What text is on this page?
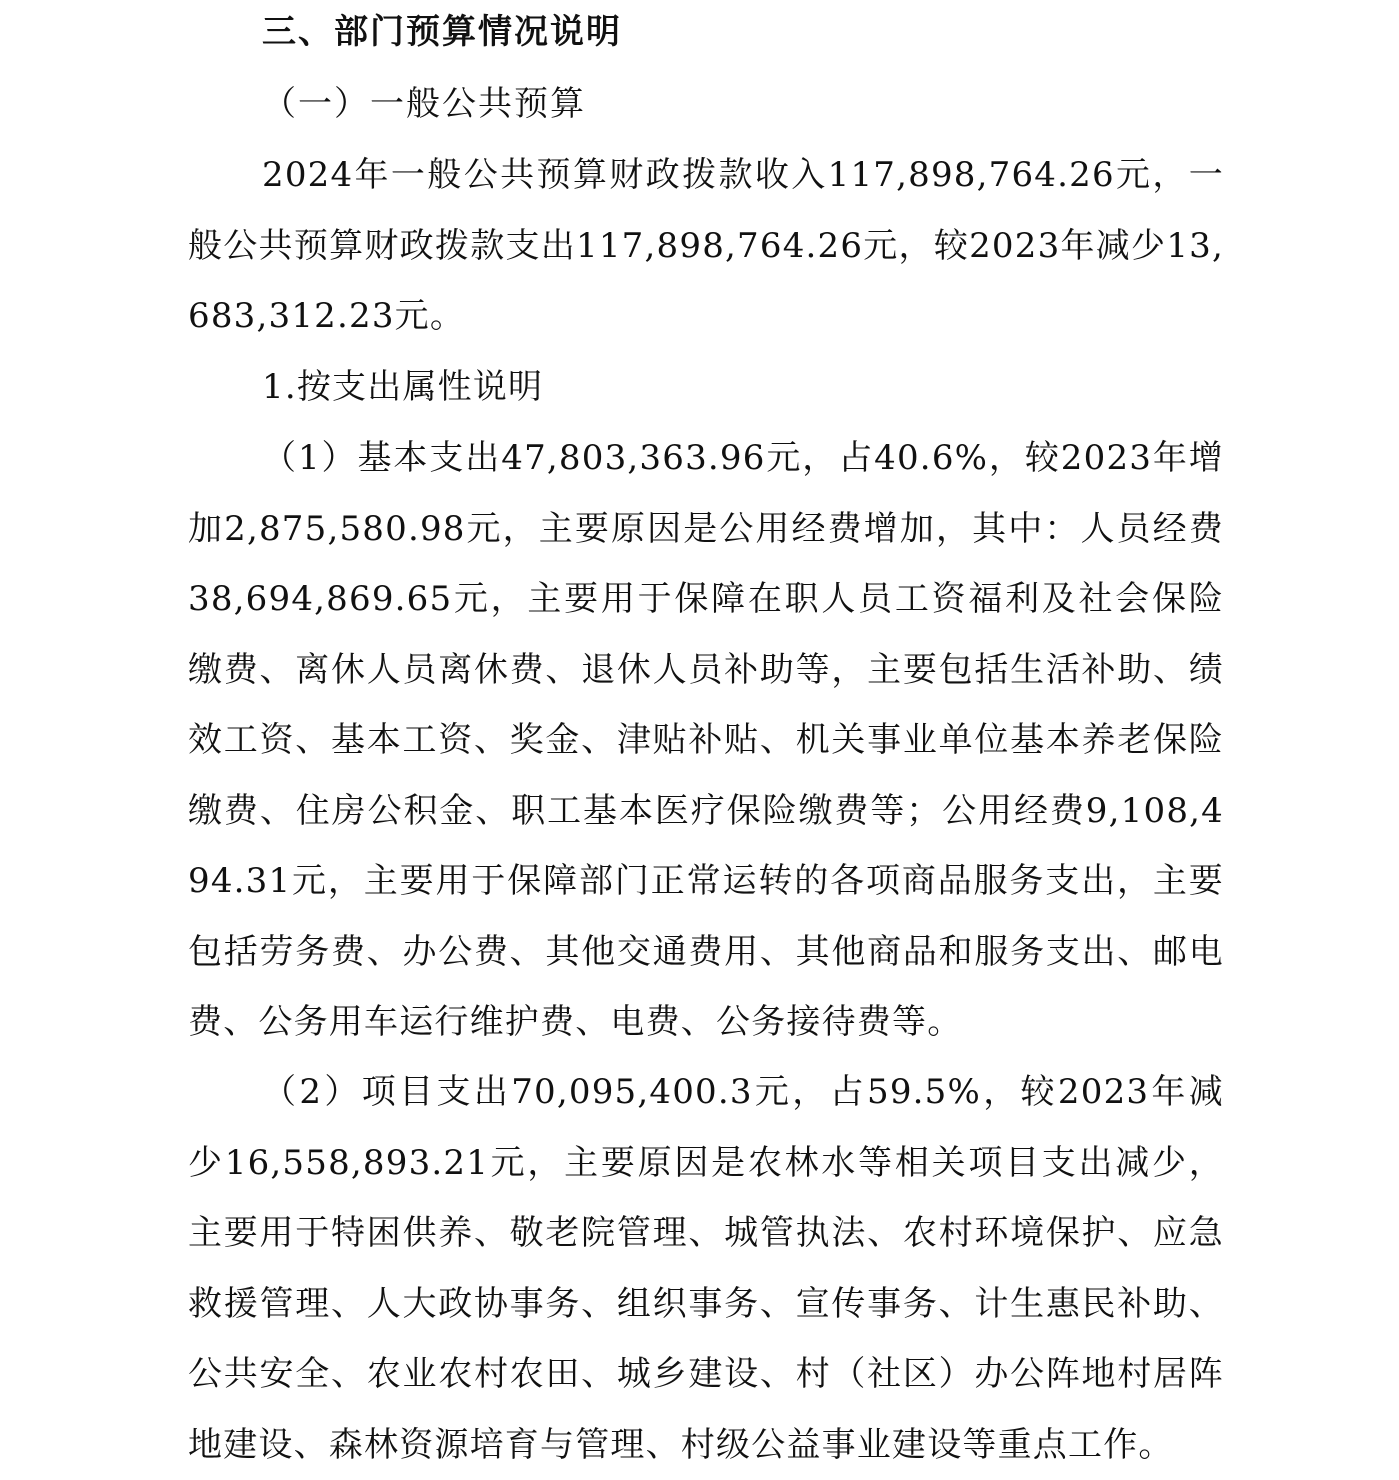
三、部门预算情况说明
（一）一般公共预算

2024年一般公共预算财政拨款收入117,898,764.26元，一般公共预算财政拨款支出117,898,764.26元，较2023年减少13,683,312.23元。

1.按支出属性说明

（1）基本支出47,803,363.96元，占40.6%，较2023年增加2,875,580.98元，主要原因是公用经费增加，其中：人员经费38,694,869.65元，主要用于保障在职人员工资福利及社会保险缴费、离休人员离休费、退休人员补助等，主要包括生活补助、绩效工资、基本工资、奖金、津贴补贴、机关事业单位基本养老保险缴费、住房公积金、职工基本医疗保险缴费等；公用经费9,108,494.31元，主要用于保障部门正常运转的各项商品服务支出，主要包括劳务费、办公费、其他交通费用、其他商品和服务支出、邮电费、公务用车运行维护费、电费、公务接待费等。

（2）项目支出70,095,400.3元，占59.5%，较2023年减少16,558,893.21元，主要原因是农林水等相关项目支出减少，主要用于特困供养、敬老院管理、城管执法、农村环境保护、应急救援管理、人大政协事务、组织事务、宣传事务、计生惠民补助、公共安全、农业农村农田、城乡建设、村（社区）办公阵地村居阵地建设、森林资源培育与管理、村级公益事业建设等重点工作。
